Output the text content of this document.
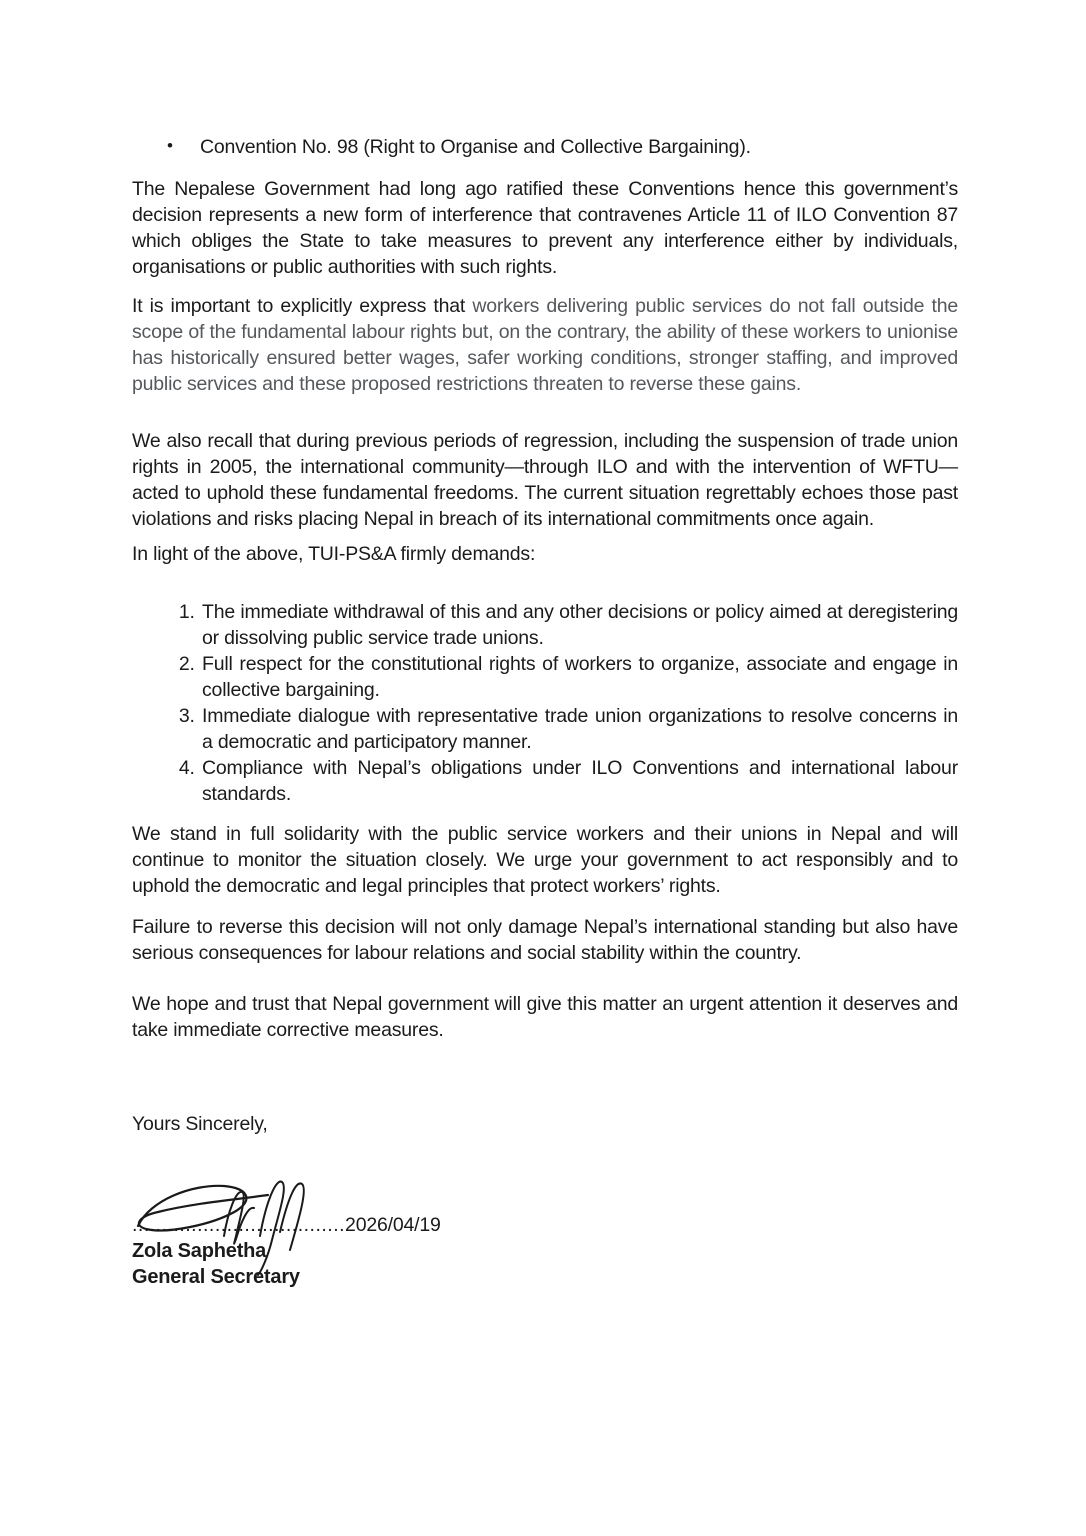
• Convention No. 98 (Right to Organise and Collective Bargaining).

The Nepalese Government had long ago ratified these Conventions hence this government’s decision represents a new form of interference that contravenes Article 11 of ILO Convention 87 which obliges the State to take measures to prevent any interference either by individuals, organisations or public authorities with such rights.

It is important to explicitly express that workers delivering public services do not fall outside the scope of the fundamental labour rights but, on the contrary, the ability of these workers to unionise has historically ensured better wages, safer working conditions, stronger staffing, and improved public services and these proposed restrictions threaten to reverse these gains.

We also recall that during previous periods of regression, including the suspension of trade union rights in 2005, the international community—through ILO and with the intervention of WFTU—acted to uphold these fundamental freedoms. The current situation regrettably echoes those past violations and risks placing Nepal in breach of its international commitments once again.

In light of the above, TUI-PS&A firmly demands:

1. The immediate withdrawal of this and any other decisions or policy aimed at deregistering or dissolving public service trade unions.
2. Full respect for the constitutional rights of workers to organize, associate and engage in collective bargaining.
3. Immediate dialogue with representative trade union organizations to resolve concerns in a democratic and participatory manner.
4. Compliance with Nepal’s obligations under ILO Conventions and international labour standards.

We stand in full solidarity with the public service workers and their unions in Nepal and will continue to monitor the situation closely. We urge your government to act responsibly and to uphold the democratic and legal principles that protect workers’ rights.

Failure to reverse this decision will not only damage Nepal’s international standing but also have serious consequences for labour relations and social stability within the country.

We hope and trust that Nepal government will give this matter an urgent attention it deserves and take immediate corrective measures.

Yours Sincerely,

....................................2026/04/19
Zola Saphetha
General Secretary
